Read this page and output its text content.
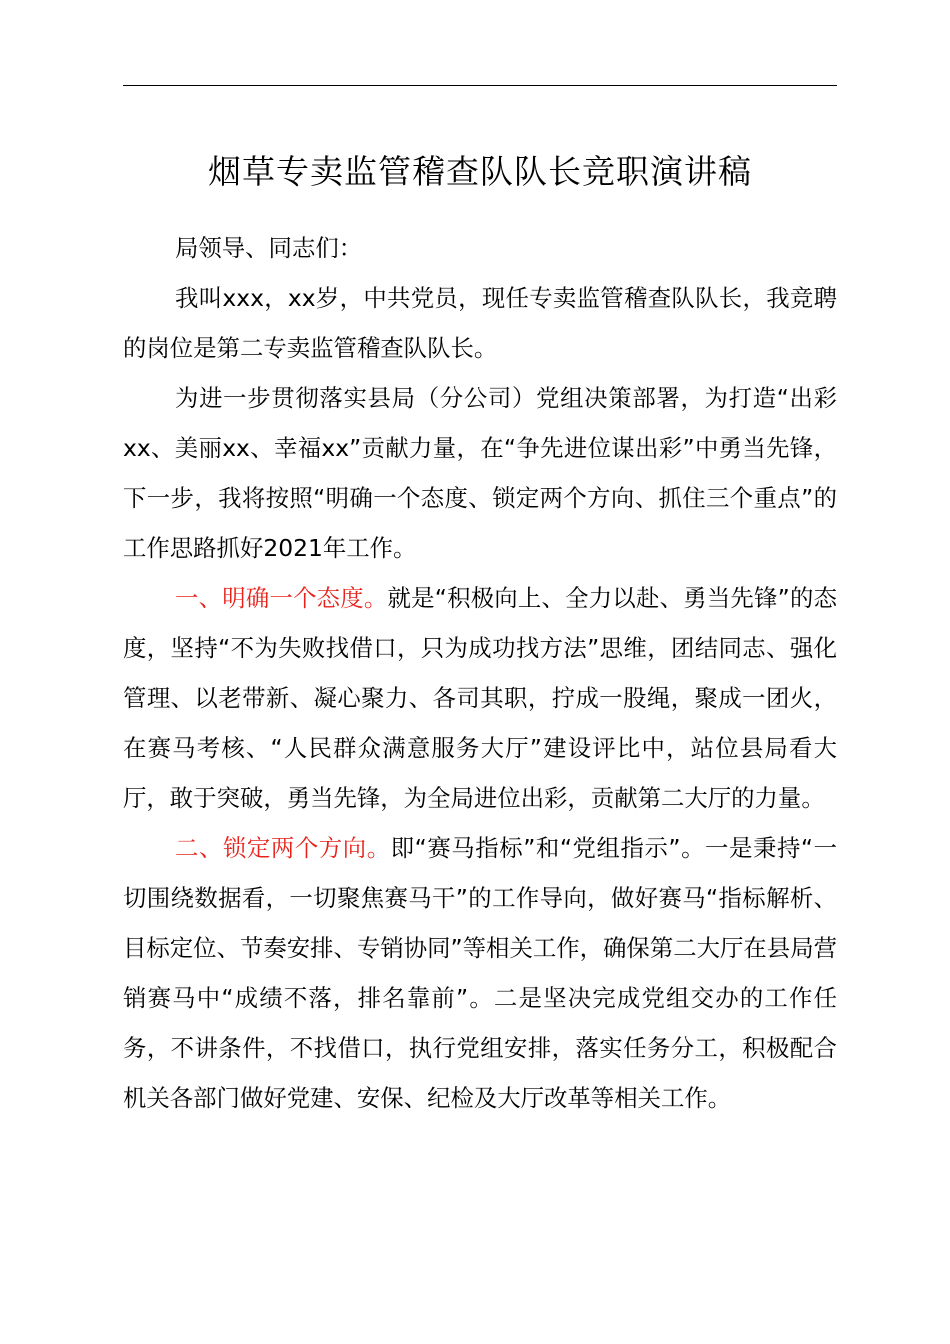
烟草专卖监管稽查队队长竞职演讲稿

局领导、同志们：

我叫xxx，xx岁，中共党员，现任专卖监管稽查队队长，我竞聘的岗位是第二专卖监管稽查队队长。

为进一步贯彻落实县局（分公司）党组决策部署，为打造“出彩xx、美丽xx、幸福xx”贡献力量，在“争先进位谋出彩”中勇当先锋，下一步，我将按照“明确一个态度、锁定两个方向、抓住三个重点”的工作思路抓好2021年工作。

一、明确一个态度。就是“积极向上、全力以赴、勇当先锋”的态度，坚持“不为失败找借口，只为成功找方法”思维，团结同志、强化管理、以老带新、凝心聚力、各司其职，拧成一股绳，聚成一团火，在赛马考核、“人民群众满意服务大厅”建设评比中，站位县局看大厅，敢于突破，勇当先锋，为全局进位出彩，贡献第二大厅的力量。

二、锁定两个方向。即“赛马指标”和“党组指示”。一是秉持“一切围绕数据看，一切聚焦赛马干”的工作导向，做好赛马“指标解析、目标定位、节奏安排、专销协同”等相关工作，确保第二大厅在县局营销赛马中“成绩不落，排名靠前”。二是坚决完成党组交办的工作任务，不讲条件，不找借口，执行党组安排，落实任务分工，积极配合机关各部门做好党建、安保、纪检及大厅改革等相关工作。
